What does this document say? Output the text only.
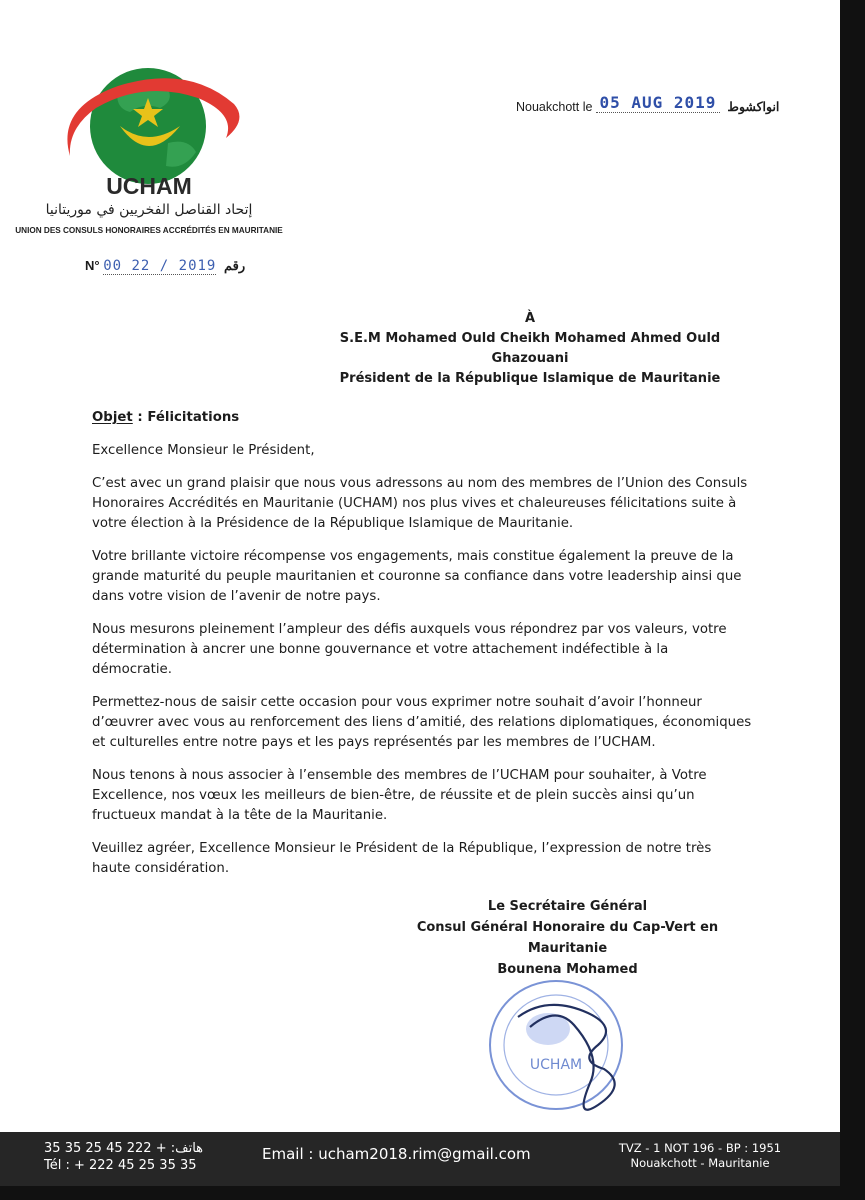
UCHAM
إتحاد القناصل الفخريين في موريتانيا
UNION DES CONSULS HONORAIRES ACCRÉDITÉS EN MAURITANIE
N° 00 22 / 2019 رقم
Nouakchott le 05 AUG 2019 انواكشوط
À
S.E.M Mohamed Ould Cheikh Mohamed Ahmed Ould Ghazouani
Président de la République Islamique de Mauritanie

Objet : Félicitations

Excellence Monsieur le Président,

C’est avec un grand plaisir que nous vous adressons au nom des membres de l’Union des Consuls Honoraires Accrédités en Mauritanie (UCHAM) nos plus vives et chaleureuses félicitations suite à votre élection à la Présidence de la République Islamique de Mauritanie.

Votre brillante victoire récompense vos engagements, mais constitue également la preuve de la grande maturité du peuple mauritanien et couronne sa confiance dans votre leadership ainsi que dans votre vision de l’avenir de notre pays.

Nous mesurons pleinement l’ampleur des défis auxquels vous répondrez par vos valeurs, votre détermination à ancrer une bonne gouvernance et votre attachement indéfectible à la démocratie.

Permettez-nous de saisir cette occasion pour vous exprimer notre souhait d’avoir l’honneur d’œuvrer avec vous au renforcement des liens d’amitié, des relations diplomatiques, économiques et culturelles entre notre pays et les pays représentés par les membres de l’UCHAM.

Nous tenons à nous associer à l’ensemble des membres de l’UCHAM pour souhaiter, à Votre Excellence, nos vœux les meilleurs de bien-être, de réussite et de plein succès ainsi qu’un fructueux mandat à la tête de la Mauritanie.

Veuillez agréer, Excellence Monsieur le Président de la République, l’expression de notre très haute considération.

Le Secrétaire Général
Consul Général Honoraire du Cap-Vert en Mauritanie
Bounena Mohamed
UCHAM
هاتف: + 222 45 25 35 35
Tél : + 222 45 25 35 35
Email : ucham2018.rim@gmail.com	TVZ - 1 NOT 196 - BP : 1951
Nouakchott - Mauritanie
